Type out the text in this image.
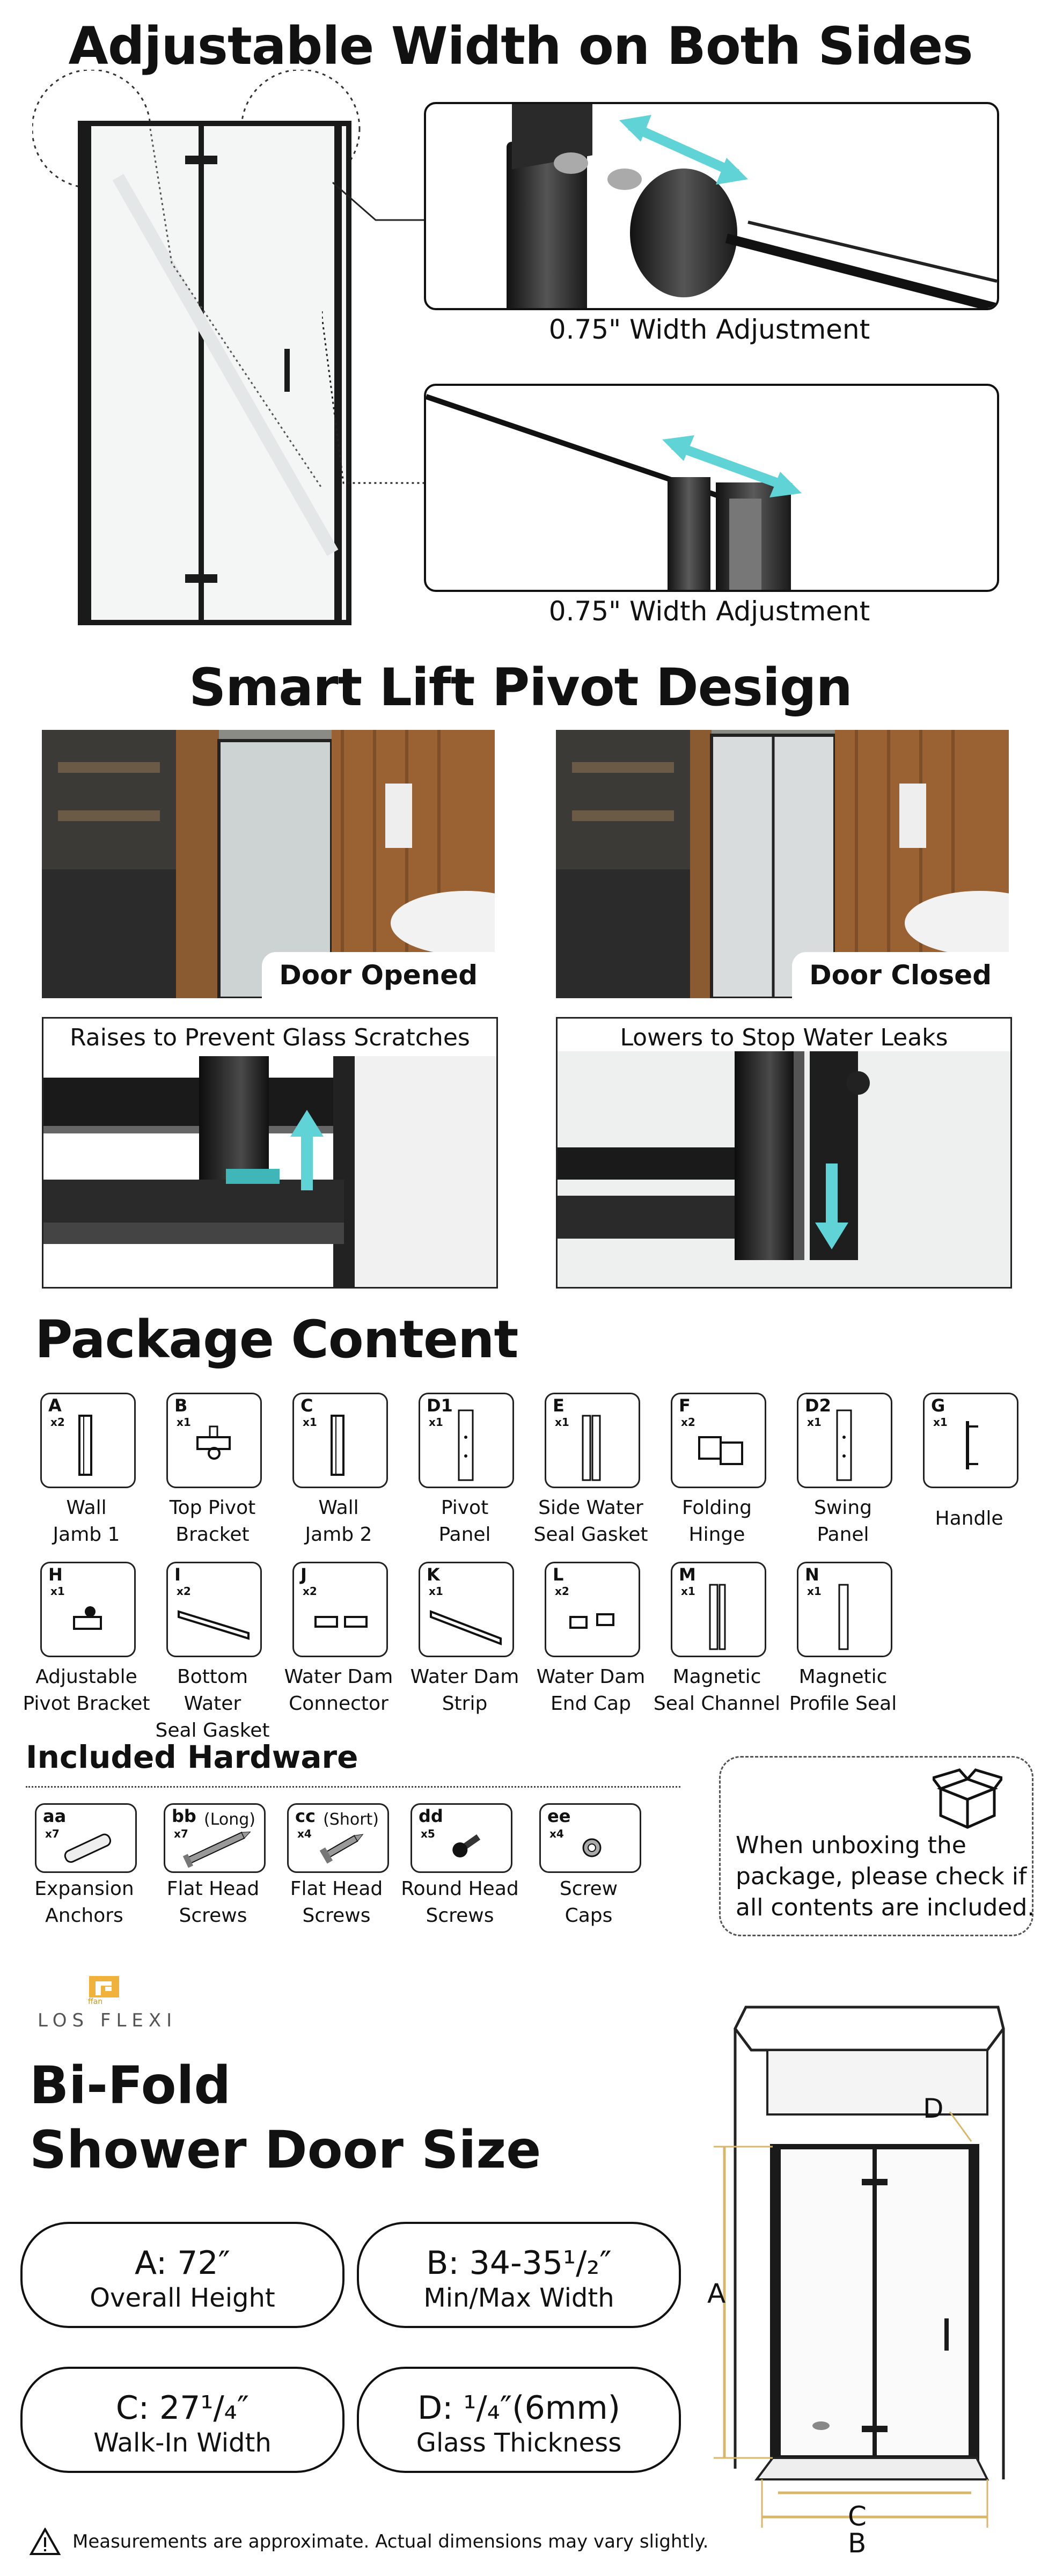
Adjustable Width on Both Sides
0.75" Width Adjustment
0.75" Width Adjustment
Smart Lift Pivot Design
Door Opened	Door Closed
Raises to Prevent Glass Scratches	Lowers to Stop Water Leaks
Package Content
A
x2
Wall
Jamb 1
B
x1
Top Pivot
Bracket
C
x1
Wall
Jamb 2
D1
x1
Pivot
Panel
E
x1
Side Water
Seal Gasket
F
x2
Folding
Hinge
D2
x1
Swing
Panel
G
x1
Handle
H
x1
Adjustable
Pivot Bracket
I
x2
Bottom Water
Seal Gasket
J
x2
Water Dam
Connector
K
x1
Water Dam
Strip
L
x2
Water Dam
End Cap
M
x1
Magnetic
Seal Channel
N
x1
Magnetic
Profile Seal
Included Hardware
aa
x7
Expansion
Anchors
bb
x7
(Long)
Flat Head
Screws
cc
x4
(Short)
Flat Head
Screws
dd
x5
Round Head
Screws
ee
x4
Screw
Caps
When unboxing the
package, please check if
all contents are included.
ffan
LOS FLEXI
Bi-Fold
Shower Door Size
A: 72″
Overall Height
B: 34-35¹/₂″
Min/Max Width
C: 27¹/₄″
Walk-In Width
D: ¹/₄″(6mm)
Glass Thickness
A
D
C
B
Measurements are approximate. Actual dimensions may vary slightly.
